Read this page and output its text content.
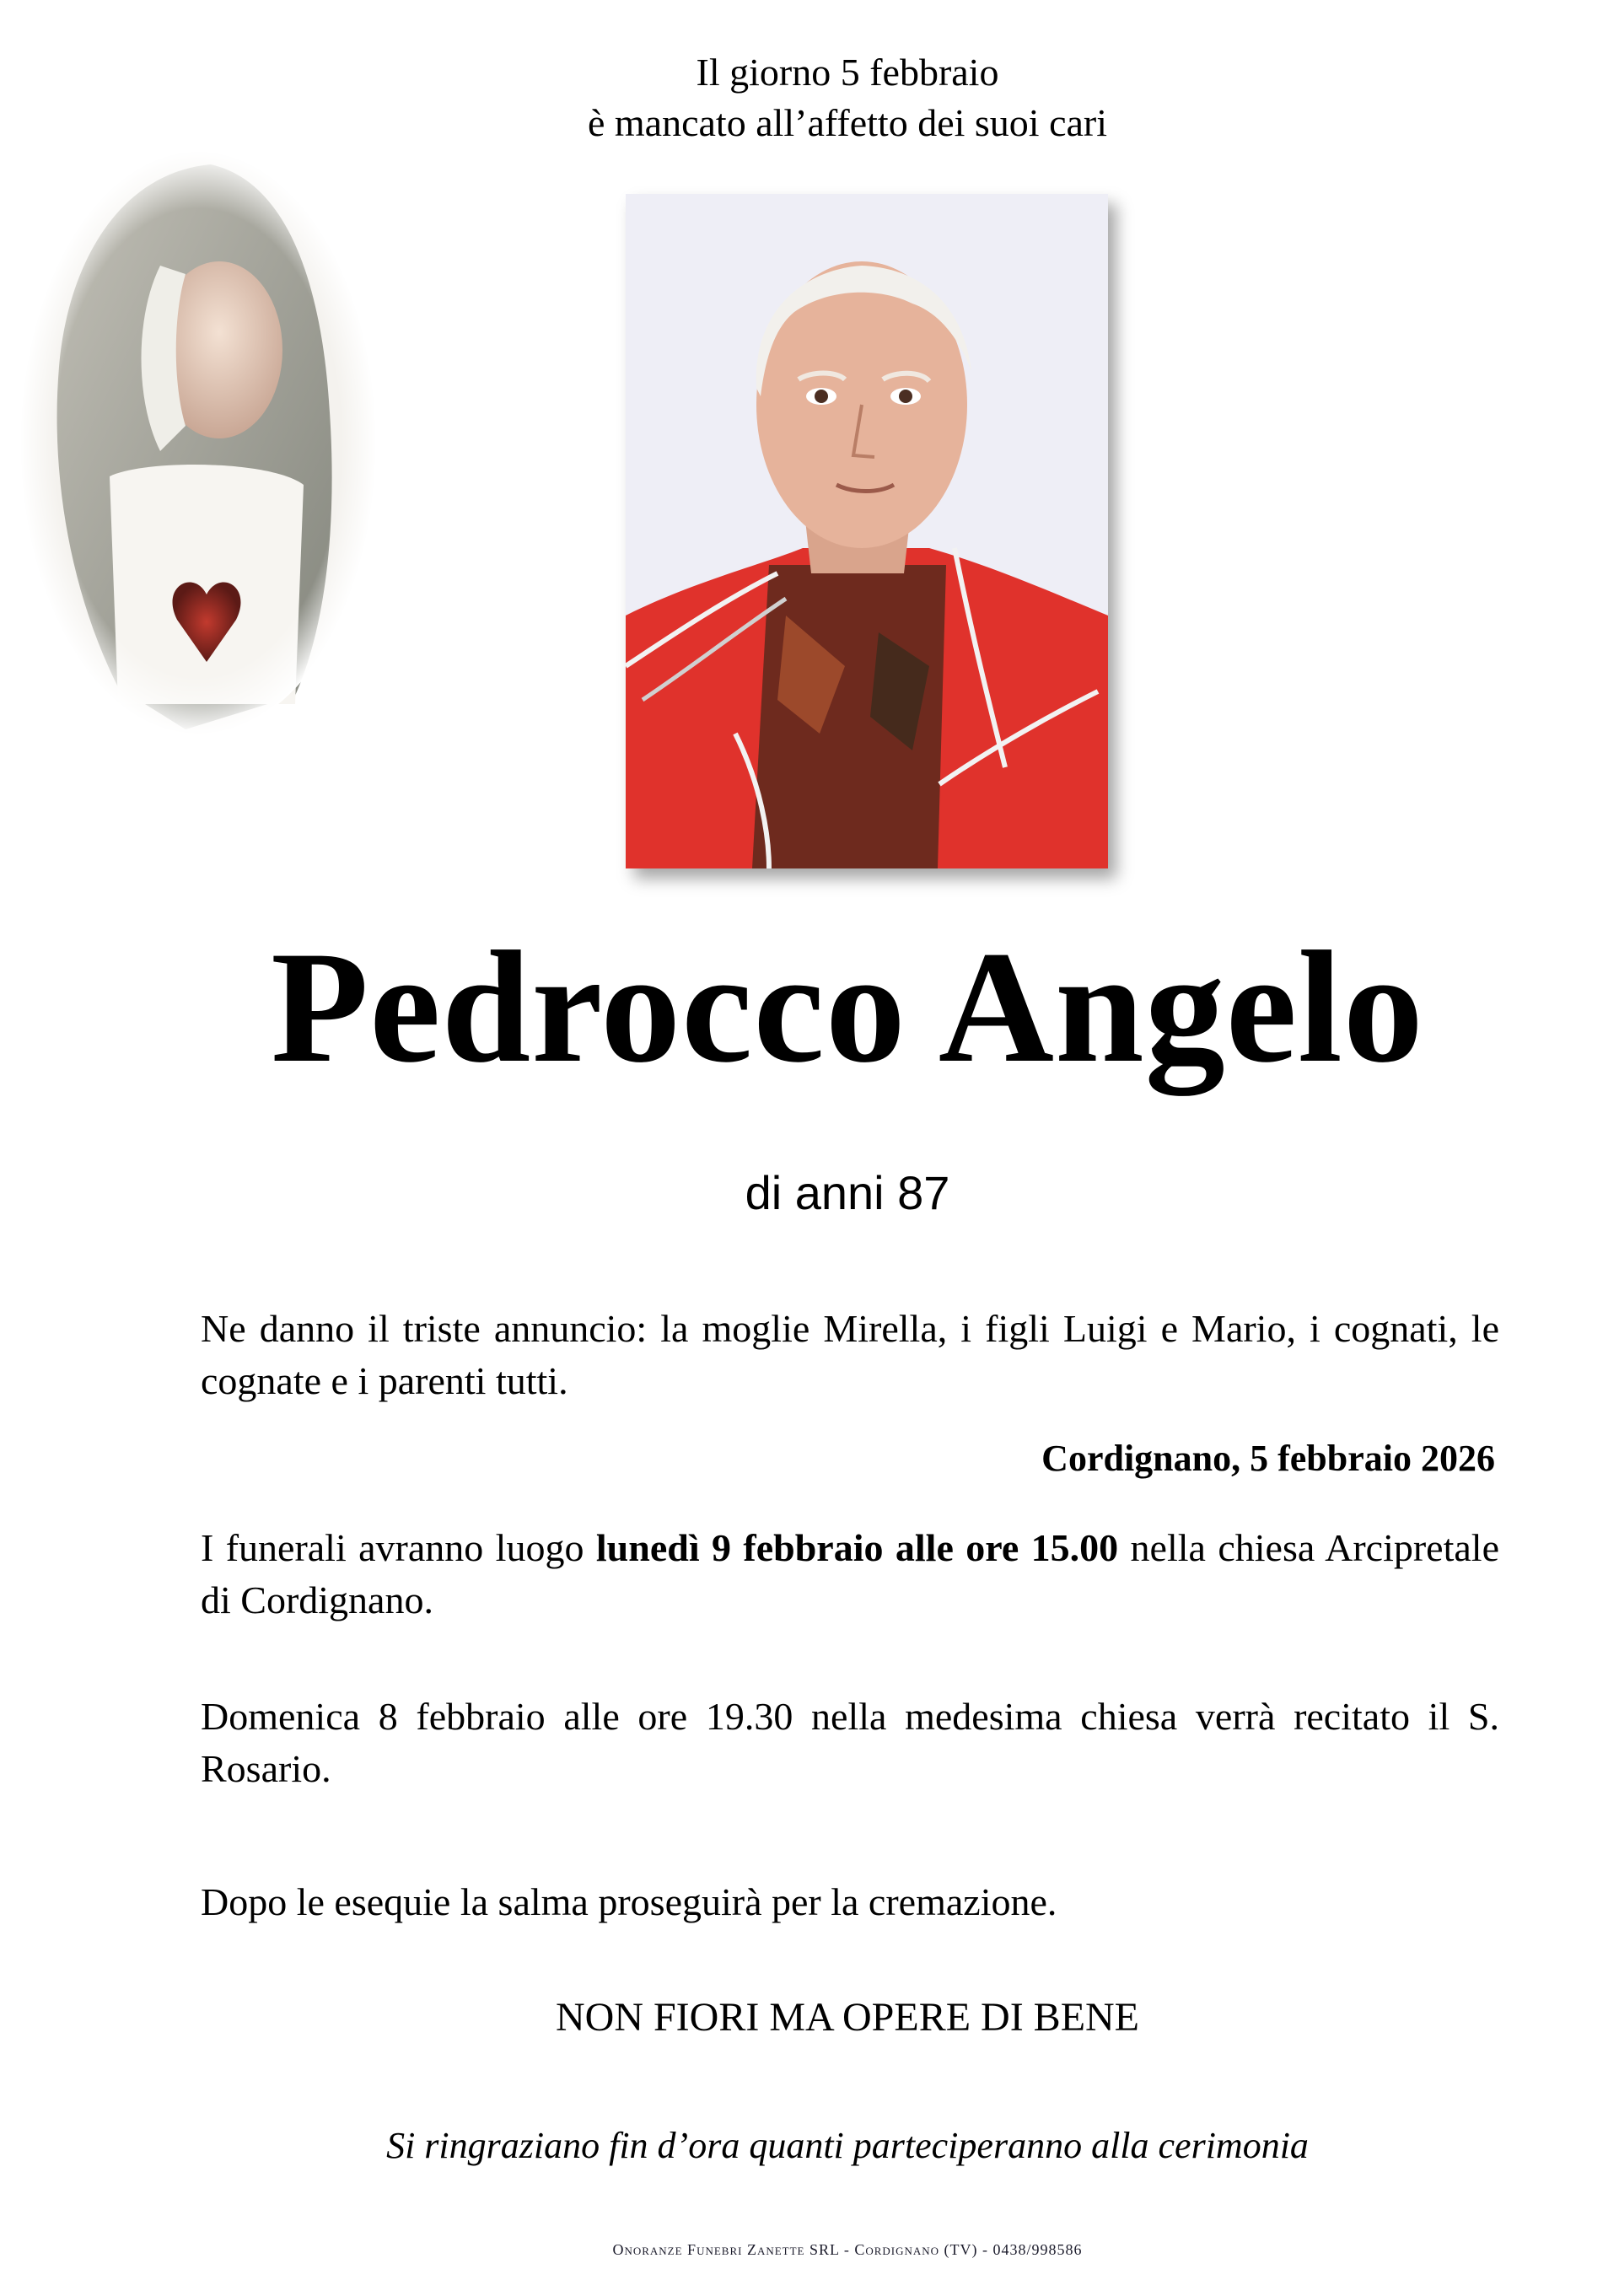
Il giorno 5 febbraio
è mancato all’affetto dei suoi cari
Pedrocco Angelo
di anni 87
Ne danno il triste annuncio: la moglie Mirella, i figli Luigi e Mario, i cognati, le cognate e i parenti tutti.
Cordignano, 5 febbraio 2026
I funerali avranno luogo lunedì 9 febbraio alle ore 15.00 nella chiesa Arcipretale di Cordignano.
Domenica 8 febbraio alle ore 19.30 nella medesima chiesa verrà recitato il S. Rosario.
Dopo le esequie la salma proseguirà per la cremazione.
NON FIORI MA OPERE DI BENE
Si ringraziano fin d’ora quanti parteciperanno alla cerimonia
Onoranze Funebri Zanette SRL - Cordignano (TV) - 0438/998586
